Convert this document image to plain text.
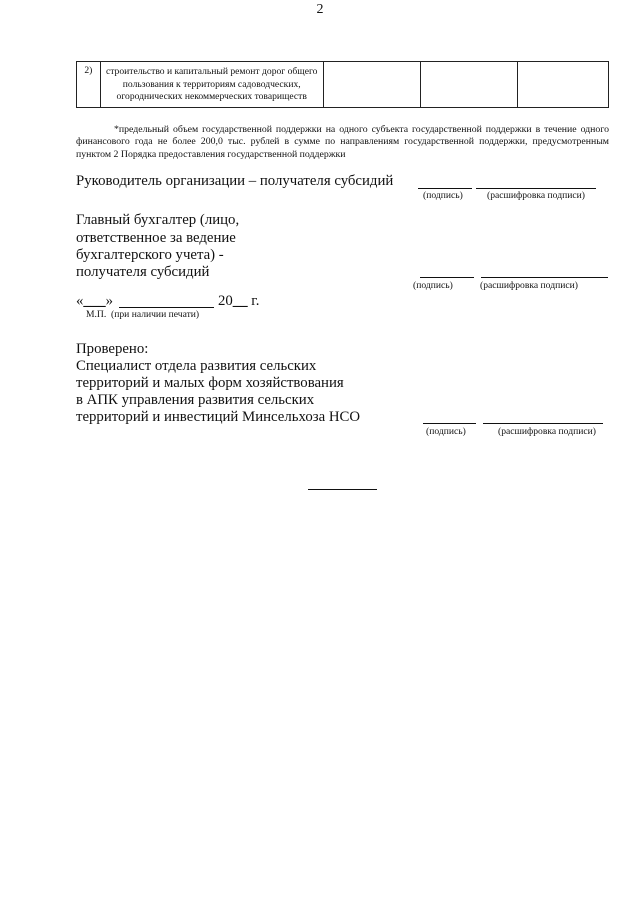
2
2)	строительство и капитальный ремонт дорог общего пользования к территориям садоводческих, огороднических некоммерческих товариществ

*предельный объем государственной поддержки на одного субъекта государственной поддержки в течение одного финансового года не более 200,0 тыс. рублей в сумме по направлениям государственной поддержки, предусмотренным пунктом 2 Порядка предоставления государственной поддержки
Руководитель организации – получателя субсидий
(подпись)	(расшифровка подписи)
Главный бухгалтер (лицо,
ответственное за ведение
бухгалтерского учета) -
получателя субсидий
(подпись)	(расшифровка подписи)
«___»	20__ г.
М.П.  (при наличии печати)
Проверено:
Специалист отдела развития сельских
территорий и малых форм хозяйствования
в АПК управления развития сельских
территорий и инвестиций Минсельхоза НСО
(подпись)	(расшифровка подписи)
